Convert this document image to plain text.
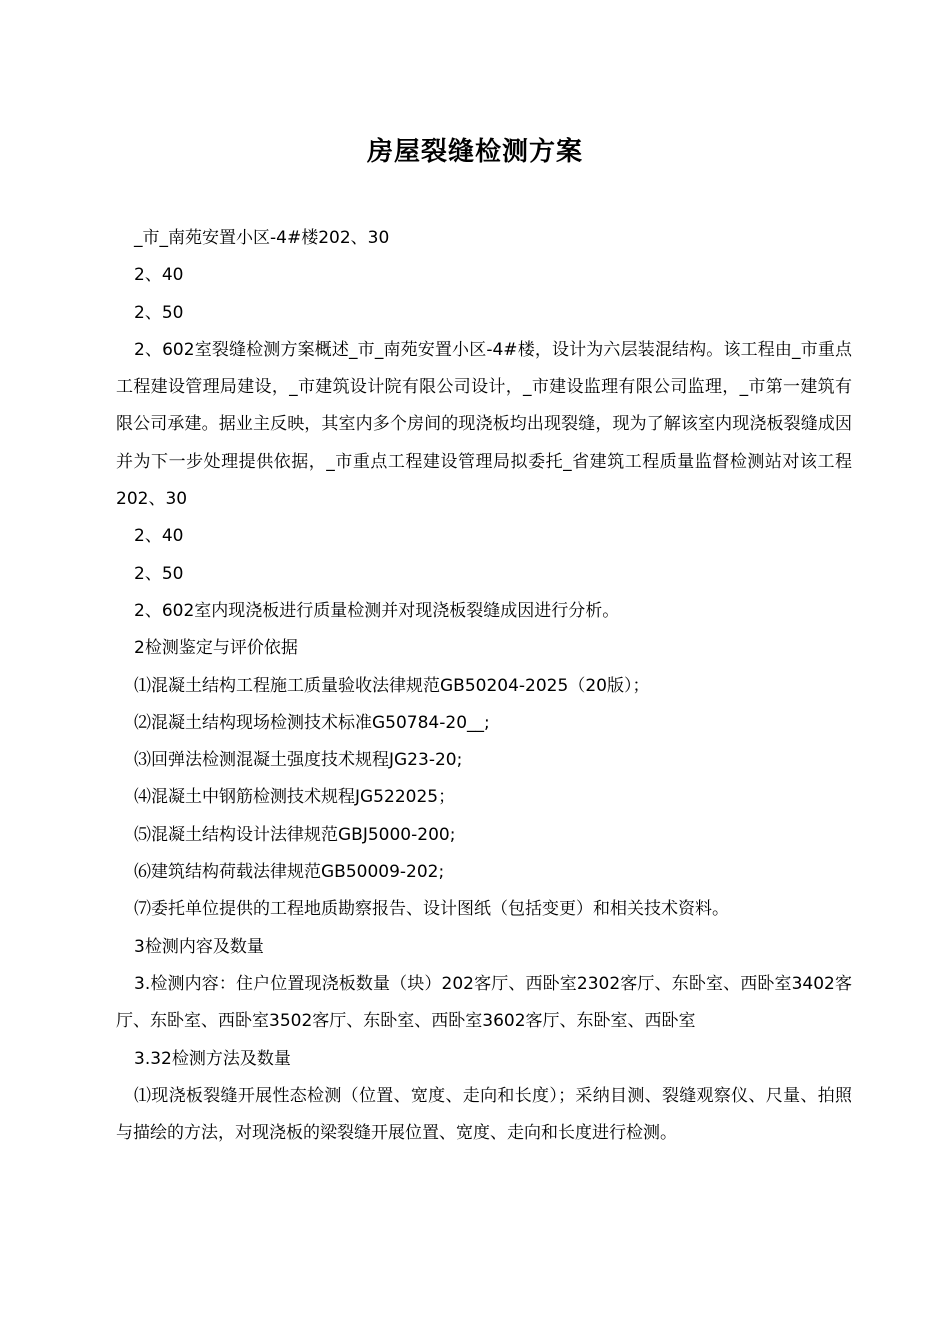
房屋裂缝检测方案

_市_南苑安置小区-4#楼202、30

2、40

2、50

2、602室裂缝检测方案概述_市_南苑安置小区-4#楼，设计为六层装混结构。该工程由_市重点工程建设管理局建设，_市建筑设计院有限公司设计，_市建设监理有限公司监理，_市第一建筑有限公司承建。据业主反映，其室内多个房间的现浇板均出现裂缝，现为了解该室内现浇板裂缝成因并为下一步处理提供依据，_市重点工程建设管理局拟委托_省建筑工程质量监督检测站对该工程202、30

2、40

2、50

2、602室内现浇板进行质量检测并对现浇板裂缝成因进行分析。

2检测鉴定与评价依据

⑴混凝土结构工程施工质量验收法律规范GB50204-2025（20版）；

⑵混凝土结构现场检测技术标准G50784-20__;

⑶回弹法检测混凝土强度技术规程JG23-20;

⑷混凝土中钢筋检测技术规程JG522025；

⑸混凝土结构设计法律规范GBJ5000-200;

⑹建筑结构荷载法律规范GB50009-202;

⑺委托单位提供的工程地质勘察报告、设计图纸（包括变更）和相关技术资料。

3检测内容及数量

3.检测内容：住户位置现浇板数量（块）202客厅、西卧室2302客厅、东卧室、西卧室3402客厅、东卧室、西卧室3502客厅、东卧室、西卧室3602客厅、东卧室、西卧室

3.32检测方法及数量

⑴现浇板裂缝开展性态检测（位置、宽度、走向和长度）；采纳目测、裂缝观察仪、尺量、拍照与描绘的方法，对现浇板的梁裂缝开展位置、宽度、走向和长度进行检测。
